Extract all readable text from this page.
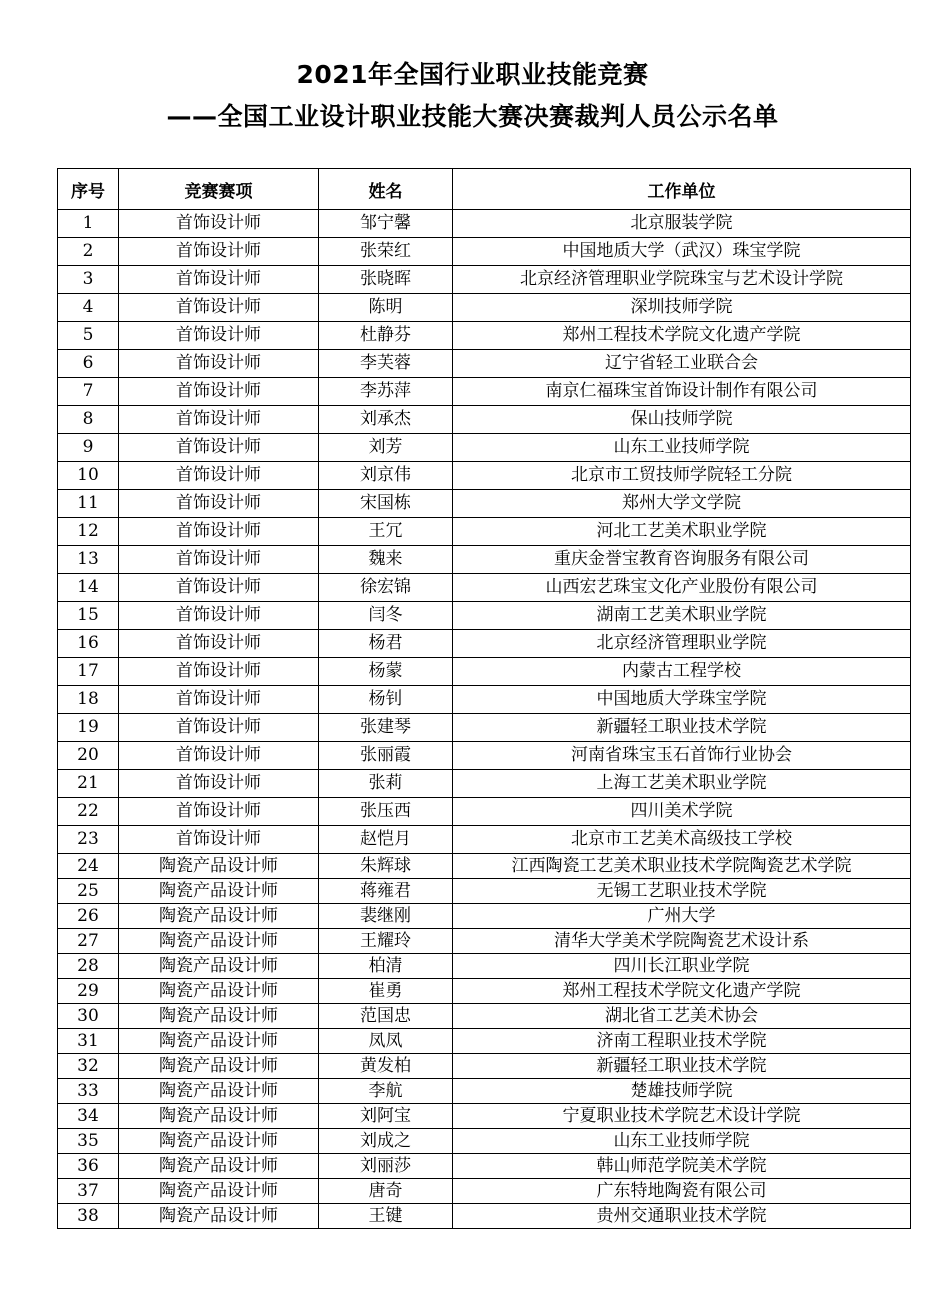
2021年全国行业职业技能竞赛
——全国工业设计职业技能大赛决赛裁判人员公示名单
序号	竞赛赛项	姓名	工作单位
1	首饰设计师	邹宁馨	北京服装学院
2	首饰设计师	张荣红	中国地质大学（武汉）珠宝学院
3	首饰设计师	张晓晖	北京经济管理职业学院珠宝与艺术设计学院
4	首饰设计师	陈明	深圳技师学院
5	首饰设计师	杜静芬	郑州工程技术学院文化遗产学院
6	首饰设计师	李芙蓉	辽宁省轻工业联合会
7	首饰设计师	李苏萍	南京仁福珠宝首饰设计制作有限公司
8	首饰设计师	刘承杰	保山技师学院
9	首饰设计师	刘芳	山东工业技师学院
10	首饰设计师	刘京伟	北京市工贸技师学院轻工分院
11	首饰设计师	宋国栋	郑州大学文学院
12	首饰设计师	王冗	河北工艺美术职业学院
13	首饰设计师	魏来	重庆金誉宝教育咨询服务有限公司
14	首饰设计师	徐宏锦	山西宏艺珠宝文化产业股份有限公司
15	首饰设计师	闫冬	湖南工艺美术职业学院
16	首饰设计师	杨君	北京经济管理职业学院
17	首饰设计师	杨蒙	内蒙古工程学校
18	首饰设计师	杨钊	中国地质大学珠宝学院
19	首饰设计师	张建琴	新疆轻工职业技术学院
20	首饰设计师	张丽霞	河南省珠宝玉石首饰行业协会
21	首饰设计师	张莉	上海工艺美术职业学院
22	首饰设计师	张压西	四川美术学院
23	首饰设计师	赵恺月	北京市工艺美术高级技工学校
24	陶瓷产品设计师	朱辉球	江西陶瓷工艺美术职业技术学院陶瓷艺术学院
25	陶瓷产品设计师	蒋雍君	无锡工艺职业技术学院
26	陶瓷产品设计师	裴继刚	广州大学
27	陶瓷产品设计师	王耀玲	清华大学美术学院陶瓷艺术设计系
28	陶瓷产品设计师	柏清	四川长江职业学院
29	陶瓷产品设计师	崔勇	郑州工程技术学院文化遗产学院
30	陶瓷产品设计师	范国忠	湖北省工艺美术协会
31	陶瓷产品设计师	凤凤	济南工程职业技术学院
32	陶瓷产品设计师	黄发柏	新疆轻工职业技术学院
33	陶瓷产品设计师	李航	楚雄技师学院
34	陶瓷产品设计师	刘阿宝	宁夏职业技术学院艺术设计学院
35	陶瓷产品设计师	刘成之	山东工业技师学院
36	陶瓷产品设计师	刘丽莎	韩山师范学院美术学院
37	陶瓷产品设计师	唐奇	广东特地陶瓷有限公司
38	陶瓷产品设计师	王键	贵州交通职业技术学院
